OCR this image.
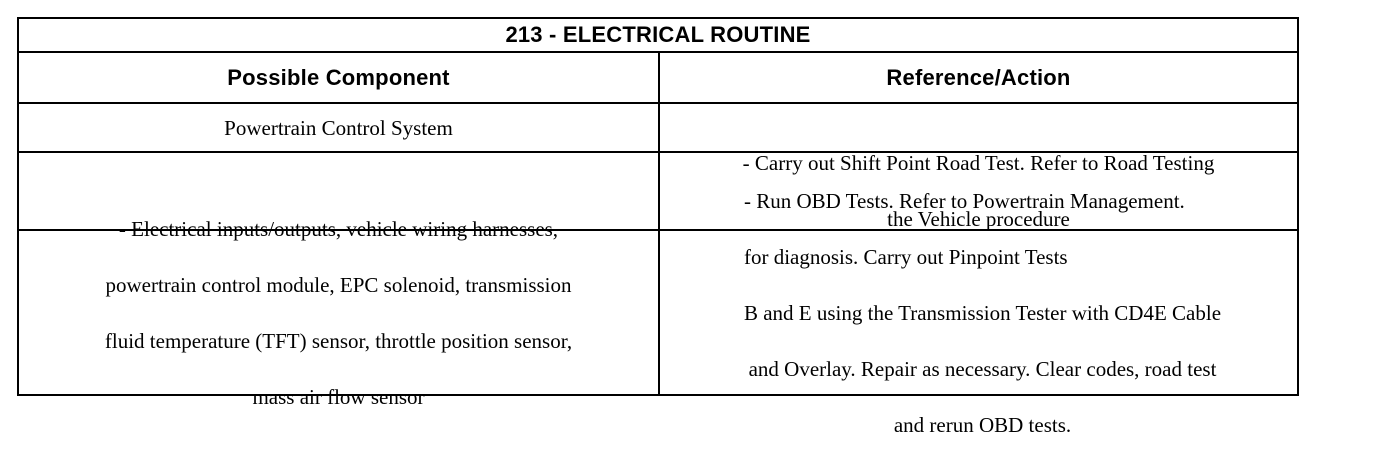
213 - ELECTRICAL ROUTINE
Possible Component	Reference/Action

Powertrain Control System

- Carry out Shift Point Road Test. Refer to Road Testing

the Vehicle procedure

- Electrical inputs/outputs, vehicle wiring harnesses,

powertrain control module, EPC solenoid, transmission

fluid temperature (TFT) sensor, throttle position sensor,

mass air flow sensor

- Run OBD Tests. Refer to Powertrain Management.

for diagnosis. Carry out Pinpoint Tests

B and E using the Transmission Tester with CD4E Cable

and Overlay. Repair as necessary. Clear codes, road test

and rerun OBD tests.
